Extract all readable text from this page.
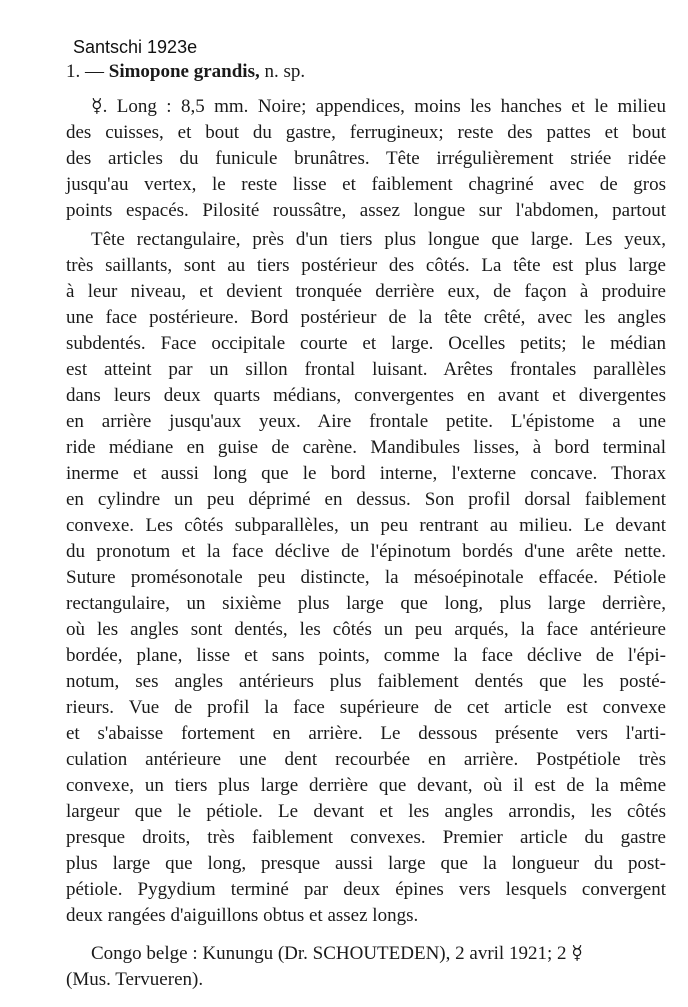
Santschi 1923e
1. — Simopone grandis, n. sp.
☿. Long : 8,5 mm. Noire; appendices, moins les hanches et le milieu
des cuisses, et bout du gastre, ferrugineux; reste des pattes et bout
des articles du funicule brunâtres. Tête irrégulièrement striée ridée
jusqu'au vertex, le reste lisse et faiblement chagriné avec de gros
points espacés. Pilosité roussâtre, assez longue sur l'abdomen, partout
Tête rectangulaire, près d'un tiers plus longue que large. Les yeux,
très saillants, sont au tiers postérieur des côtés. La tête est plus large
à leur niveau, et devient tronquée derrière eux, de façon à produire
une face postérieure. Bord postérieur de la tête crêté, avec les angles
subdentés. Face occipitale courte et large. Ocelles petits; le médian
est atteint par un sillon frontal luisant. Arêtes frontales parallèles
dans leurs deux quarts médians, convergentes en avant et divergentes
en arrière jusqu'aux yeux. Aire frontale petite. L'épistome a une
ride médiane en guise de carène. Mandibules lisses, à bord terminal
inerme et aussi long que le bord interne, l'externe concave. Thorax
en cylindre un peu déprimé en dessus. Son profil dorsal faiblement
convexe. Les côtés subparallèles, un peu rentrant au milieu. Le devant
du pronotum et la face déclive de l'épinotum bordés d'une arête nette.
Suture promésonotale peu distincte, la mésoépinotale effacée. Pétiole
rectangulaire, un sixième plus large que long, plus large derrière,
où les angles sont dentés, les côtés un peu arqués, la face antérieure
bordée, plane, lisse et sans points, comme la face déclive de l'épi-
notum, ses angles antérieurs plus faiblement dentés que les posté-
rieurs. Vue de profil la face supérieure de cet article est convexe
et s'abaisse fortement en arrière. Le dessous présente vers l'arti-
culation antérieure une dent recourbée en arrière. Postpétiole très
convexe, un tiers plus large derrière que devant, où il est de la même
largeur que le pétiole. Le devant et les angles arrondis, les côtés
presque droits, très faiblement convexes. Premier article du gastre
plus large que long, presque aussi large que la longueur du post-
pétiole. Pygydium terminé par deux épines vers lesquels convergent
deux rangées d'aiguillons obtus et assez longs.
Congo belge : Kunungu (Dr. SCHOUTEDEN), 2 avril 1921; 2 ☿
(Mus. Tervueren).
